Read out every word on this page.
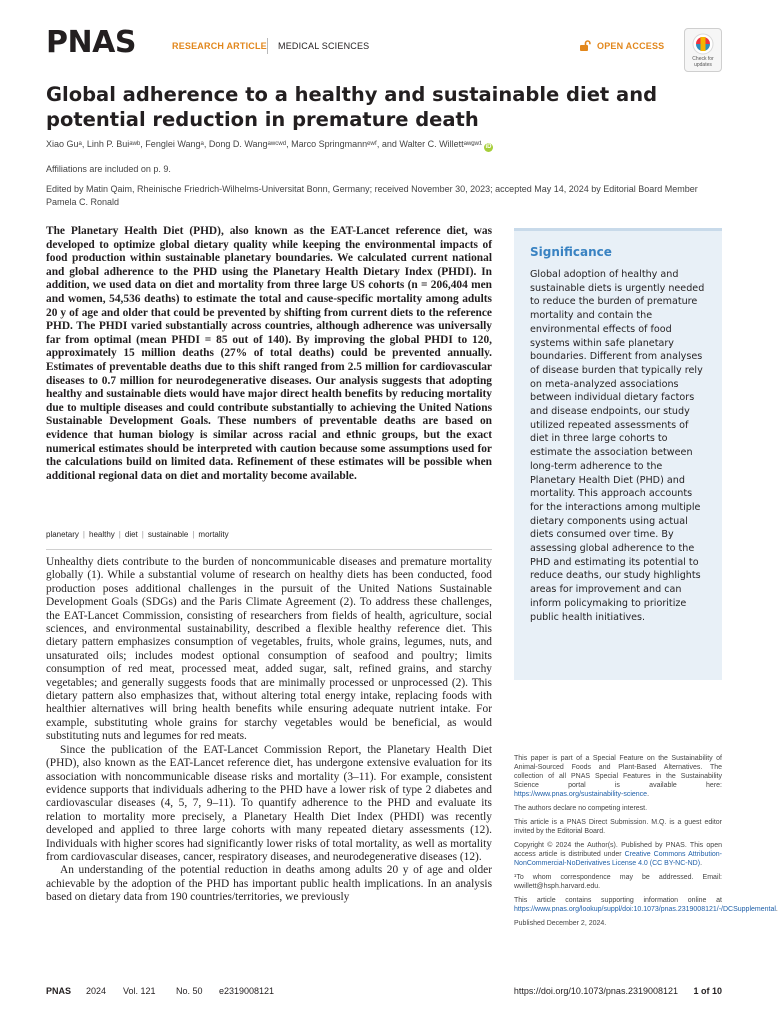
PNAS	RESEARCH ARTICLE MEDICAL SCIENCES	OPEN ACCESS
Check for updates
Global adherence to a healthy and sustainable diet and potential reduction in premature death
Xiao Guᵃ, Linh P. Buiᵃʷᵇ, Fenglei Wangᵃ, Dong D. Wangᵃʷᶜʷᵈ, Marco Springmannᵉʷᶠ, and Walter C. Willettᵃʷᵍʷ¹ iD
Affiliations are included on p. 9.
Edited by Matin Qaim, Rheinische Friedrich-Wilhelms-Universitat Bonn, Germany; received November 30, 2023; accepted May 14, 2024 by Editorial Board Member Pamela C. Ronald
The Planetary Health Diet (PHD), also known as the EAT-Lancet reference diet, was developed to optimize global dietary quality while keeping the environmental impacts of food production within sustainable planetary boundaries. We calculated current national and global adherence to the PHD using the Planetary Health Dietary Index (PHDI). In addition, we used data on diet and mortality from three large US cohorts (n = 206,404 men and women, 54,536 deaths) to estimate the total and cause-specific mortality among adults 20 y of age and older that could be prevented by shifting from current diets to the reference PHD. The PHDI varied substantially across countries, although adherence was universally far from optimal (mean PHDI = 85 out of 140). By improving the global PHDI to 120, approximately 15 million deaths (27% of total deaths) could be prevented annually. Estimates of preventable deaths due to this shift ranged from 2.5 million for cardiovascular diseases to 0.7 million for neurodegenerative diseases. Our analysis suggests that adopting healthy and sustainable diets would have major direct health benefits by reducing mortality due to multiple diseases and could contribute substantially to achieving the United Nations Sustainable Development Goals. These numbers of preventable deaths are based on evidence that human biology is similar across racial and ethnic groups, but the exact numerical estimates should be interpreted with caution because some assumptions used for the calculations build on limited data. Refinement of these estimates will be possible when additional regional data on diet and mortality become available.
planetary | healthy | diet | sustainable | mortality

Unhealthy diets contribute to the burden of noncommunicable diseases and premature mortality globally (1). While a substantial volume of research on healthy diets has been conducted, food production poses additional challenges in the pursuit of the United Nations Sustainable Development Goals (SDGs) and the Paris Climate Agreement (2). To address these challenges, the EAT-Lancet Commission, consisting of researchers from fields of health, agriculture, social sciences, and environmental sustainability, described a flexible healthy reference diet. This dietary pattern emphasizes consumption of vegetables, fruits, whole grains, legumes, nuts, and unsaturated oils; includes modest optional consumption of seafood and poultry; limits consumption of red meat, processed meat, added sugar, salt, refined grains, and starchy vegetables; and generally suggests foods that are minimally processed or unprocessed (2). This dietary pattern also emphasizes that, without altering total energy intake, replacing foods with healthier alternatives will bring health benefits while ensuring adequate nutrient intake. For example, substituting whole grains for starchy vegetables would be beneficial, as would substituting nuts and legumes for red meats.

Since the publication of the EAT-Lancet Commission Report, the Planetary Health Diet (PHD), also known as the EAT-Lancet reference diet, has undergone extensive evaluation for its association with noncommunicable disease risks and mortality (3–11). For example, consistent evidence supports that individuals adhering to the PHD have a lower risk of type 2 diabetes and cardiovascular diseases (4, 5, 7, 9–11). To quantify adherence to the PHD and evaluate its relation to mortality more precisely, a Planetary Health Diet Index (PHDI) was recently developed and applied to three large cohorts with many repeated dietary assessments (12). Individuals with higher scores had significantly lower risks of total mortality, as well as mortality from cardiovascular diseases, cancer, respiratory diseases, and neurodegenerative diseases (12).

An understanding of the potential reduction in deaths among adults 20 y of age and older achievable by the adoption of the PHD has important public health implications. In an analysis based on dietary data from 190 countries/territories, we previously

Significance
Global adoption of healthy and sustainable diets is urgently needed to reduce the burden of premature mortality and contain the environmental effects of food systems within safe planetary boundaries. Different from analyses of disease burden that typically rely on meta-analyzed associations between individual dietary factors and disease endpoints, our study utilized repeated assessments of diet in three large cohorts to estimate the association between long-term adherence to the Planetary Health Diet (PHD) and mortality. This approach accounts for the interactions among multiple dietary components using actual diets consumed over time. By assessing global adherence to the PHD and estimating its potential to reduce deaths, our study highlights areas for improvement and can inform policymaking to prioritize public health initiatives.
This paper is part of a Special Feature on the Sustainability of Animal-Sourced Foods and Plant-Based Alternatives. The collection of all PNAS Special Features in the Sustainability Science portal is available here: https://www.pnas.org/sustainability-science.
The authors declare no competing interest.
This article is a PNAS Direct Submission. M.Q. is a guest editor invited by the Editorial Board.
Copyright © 2024 the Author(s). Published by PNAS. This open access article is distributed under Creative Commons Attribution-NonCommercial-NoDerivatives License 4.0 (CC BY-NC-ND).
¹To whom correspondence may be addressed. Email: wwillett@hsph.harvard.edu.
This article contains supporting information online at https://www.pnas.org/lookup/suppl/doi:10.1073/pnas.2319008121/-/DCSupplemental.
Published December 2, 2024.
PNAS 2024 Vol. 121 No. 50 e2319008121	https://doi.org/10.1073/pnas.2319008121 1 of 10
